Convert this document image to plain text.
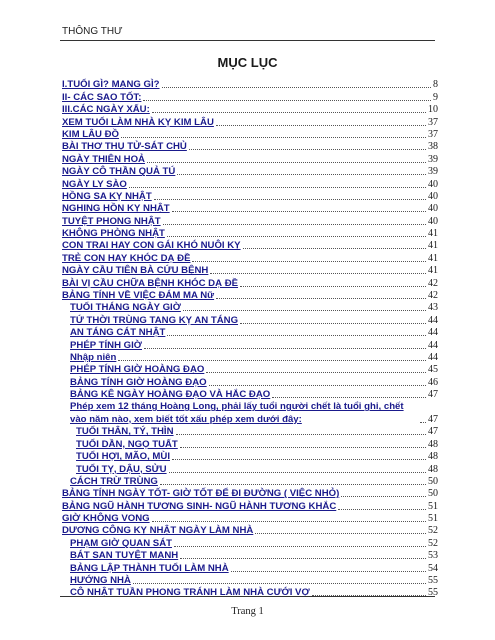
THÔNG THƯ
MỤC LỤC
I.TUỔI GÌ? MẠNG GÌ?	8
II- CÁC SAO TỐT:	9
III.CÁC NGÀY XẤU:	10
XEM TUỔI LÀM NHÀ KỴ KIM LÂU	37
KIM LÂU ĐỒ	37
BÀI THƠ THỤ TỬ-SÁT CHỦ	38
NGÀY THIÊN HOẢ	39
NGÀY CÔ THẦN QUẢ TÚ	39
NGÀY LY SÀO	40
HỒNG SA KỴ NHẬT	40
NGHING HỒN KỴ NHẬT	40
TUYỆT PHONG NHẬT	40
KHÔNG PHÒNG NHẬT	41
CON TRAI HAY CON GÁI KHÓ NUÔI KỴ	41
TRẺ CON HAY KHÓC DẠ ĐỀ	41
NGÀY CẦU TIÊN BÀ CỨU BỆNH	41
BÀI VỊ CẦU CHỮA BỆNH KHÓC DẠ ĐỀ	42
BẢNG TÍNH VỀ VIỆC ĐÁM MA Nữ	42
TUỔI THÁNG NGÀY GIỜ	43
TỨ THỜI TRÙNG TANG KỴ AN TÁNG	44
AN TÁNG CÁT NHẬT	44
PHÉP TÍNH GIỜ	44
Nhập niên	44
PHÉP TÍNH GIỜ HOÀNG ĐẠO	45
BẢNG TÍNH GIỜ HOÀNG ĐẠO	46
BẢNG KÊ NGÀY HOÀNG ĐẠO VÀ HẮC ĐẠO	47
Phép xem 12 tháng Hoàng Long, phải lấy tuổi người chết là tuổi ghi, chết vào năm nào, xem biết tốt xấu phép xem dưới đây:	47
TUỔI THÂN, TÝ, THÌN	47
TUỔI DẦN, NGỌ TUẤT	48
TUỔI HỢI, MÃO, MÙI	48
TUỔI TỴ, DẬU, SỬU	48
CÁCH TRỪ TRÙNG	50
BẢNG TÍNH NGÀY TỐT- GIỜ TỐT ĐỂ ĐI ĐƯỜNG ( VIỆC NHỎ)	50
BẢNG NGŨ HÀNH TƯƠNG SINH- NGŨ HÀNH TƯƠNG KHẮC	51
GIỜ KHÔNG VONG	51
DƯƠNG CÔNG KỴ NHẬT NGÀY LÀM NHÀ	52
PHẠM GIỜ QUAN SÁT	52
BÁT SAN TUYỆT MẠNH	53
BẢNG LẬP THÀNH TUỔI LÀM NHÀ	54
HƯỚNG NHÀ	55
CÔ NHẬT TUẦN PHONG TRÁNH LÀM NHÀ CƯỚI VỢ	55
Trang 1
